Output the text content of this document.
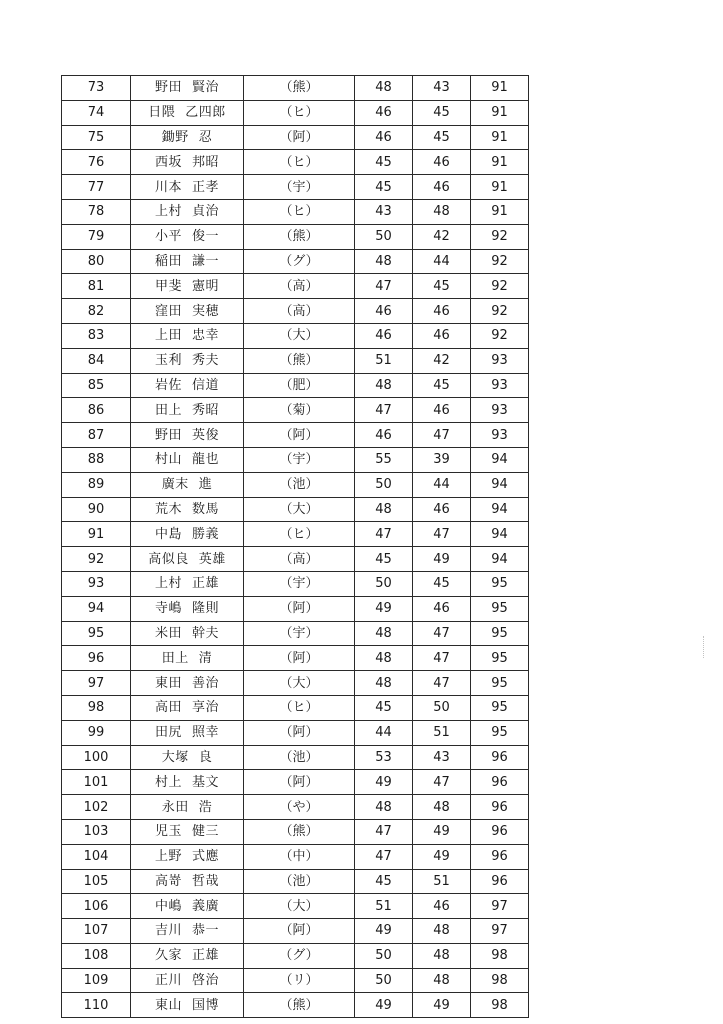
73	野田 賢治	（熊）	48	43	91
74	日隈 乙四郎	（ヒ）	46	45	91
75	鋤野 忍	（阿）	46	45	91
76	西坂 邦昭	（ヒ）	45	46	91
77	川本 正孝	（宇）	45	46	91
78	上村 貞治	（ヒ）	43	48	91
79	小平 俊一	（熊）	50	42	92
80	稲田 謙一	（グ）	48	44	92
81	甲斐 憲明	（高）	47	45	92
82	窪田 実穂	（高）	46	46	92
83	上田 忠幸	（大）	46	46	92
84	玉利 秀夫	（熊）	51	42	93
85	岩佐 信道	（肥）	48	45	93
86	田上 秀昭	（菊）	47	46	93
87	野田 英俊	（阿）	46	47	93
88	村山 龍也	（宇）	55	39	94
89	廣末 進	（池）	50	44	94
90	荒木 数馬	（大）	48	46	94
91	中島 勝義	（ヒ）	47	47	94
92	高似良 英雄	（高）	45	49	94
93	上村 正雄	（宇）	50	45	95
94	寺嶋 隆則	（阿）	49	46	95
95	米田 幹夫	（宇）	48	47	95
96	田上 清	（阿）	48	47	95
97	東田 善治	（大）	48	47	95
98	高田 享治	（ヒ）	45	50	95
99	田尻 照幸	（阿）	44	51	95
100	大塚 良	（池）	53	43	96
101	村上 基文	（阿）	49	47	96
102	永田 浩	（や）	48	48	96
103	児玉 健三	（熊）	47	49	96
104	上野 式應	（中）	47	49	96
105	高嵜 哲哉	（池）	45	51	96
106	中嶋 義廣	（大）	51	46	97
107	吉川 恭一	（阿）	49	48	97
108	久家 正雄	（グ）	50	48	98
109	正川 啓治	（リ）	50	48	98
110	東山 国博	（熊）	49	49	98
